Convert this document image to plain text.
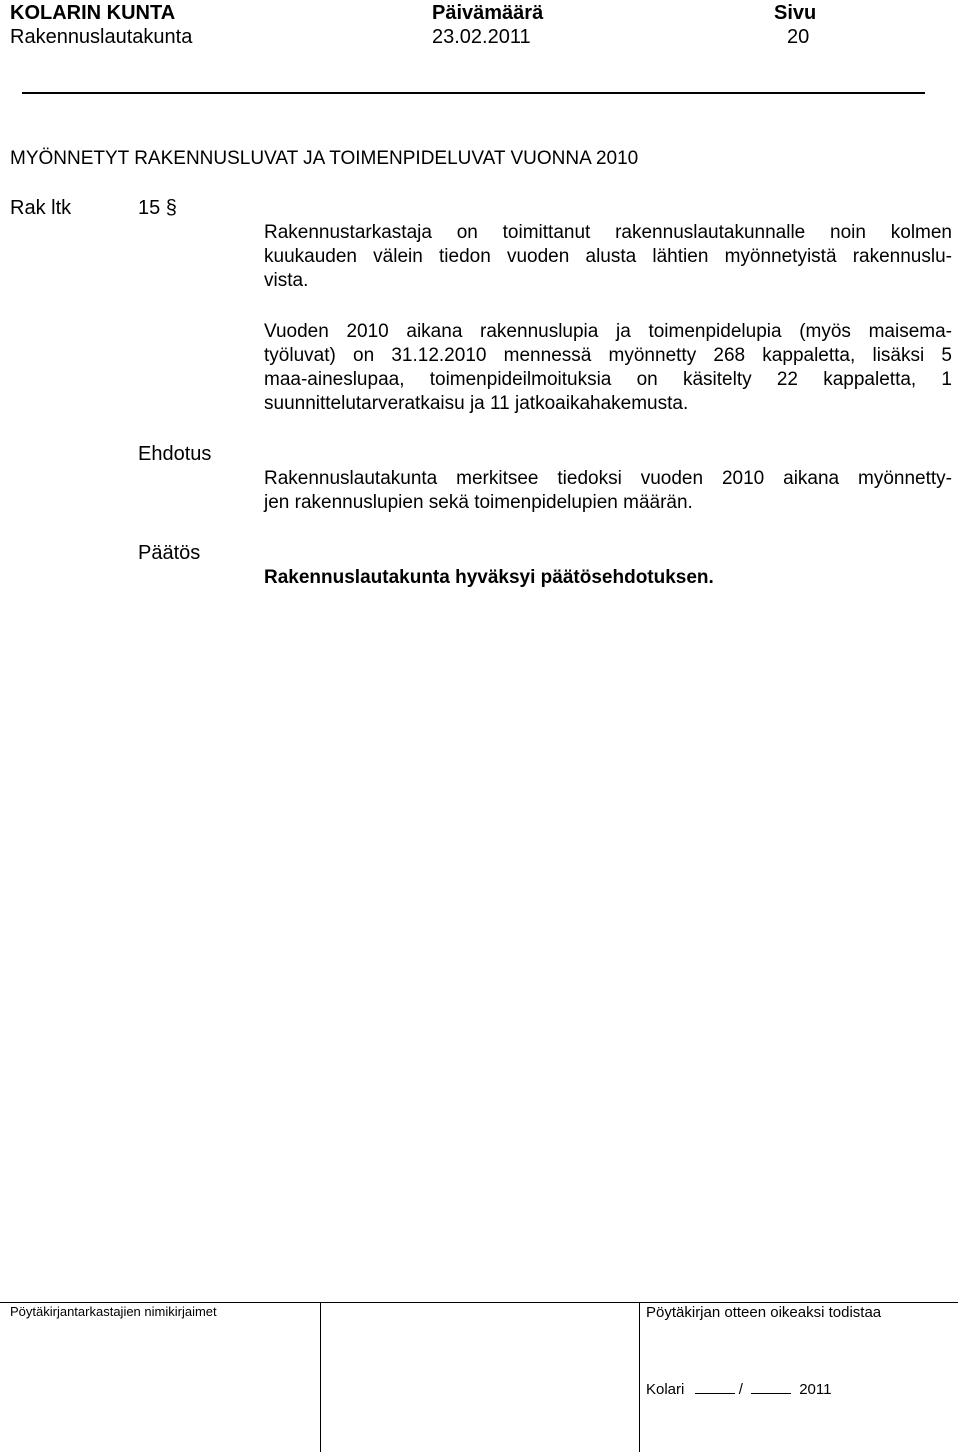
KOLARIN KUNTA
Rakennuslautakunta
Päivämäärä
23.02.2011
Sivu
20
MYÖNNETYT RAKENNUSLUVAT JA TOIMENPIDELUVAT VUONNA 2010
Rak ltk	15 §
Rakennustarkastaja on toimittanut rakennuslautakunnalle noin kolmen
kuukauden välein tiedon vuoden alusta lähtien myönnetyistä rakennuslu-
vista.
Vuoden 2010 aikana rakennuslupia ja toimenpidelupia (myös maisema-
työluvat) on 31.12.2010 mennessä myönnetty 268 kappaletta, lisäksi 5
maa-aineslupaa, toimenpideilmoituksia on käsitelty 22 kappaletta, 1
suunnittelutarveratkaisu ja 11 jatkoaikahakemusta.
Ehdotus
Rakennuslautakunta merkitsee tiedoksi vuoden 2010 aikana myönnetty-
jen rakennuslupien sekä toimenpidelupien määrän.
Päätös
Rakennuslautakunta hyväksyi päätösehdotuksen.
Pöytäkirjantarkastajien nimikirjaimet	Pöytäkirjan otteen oikeaksi todistaa
Kolari	/	2011
